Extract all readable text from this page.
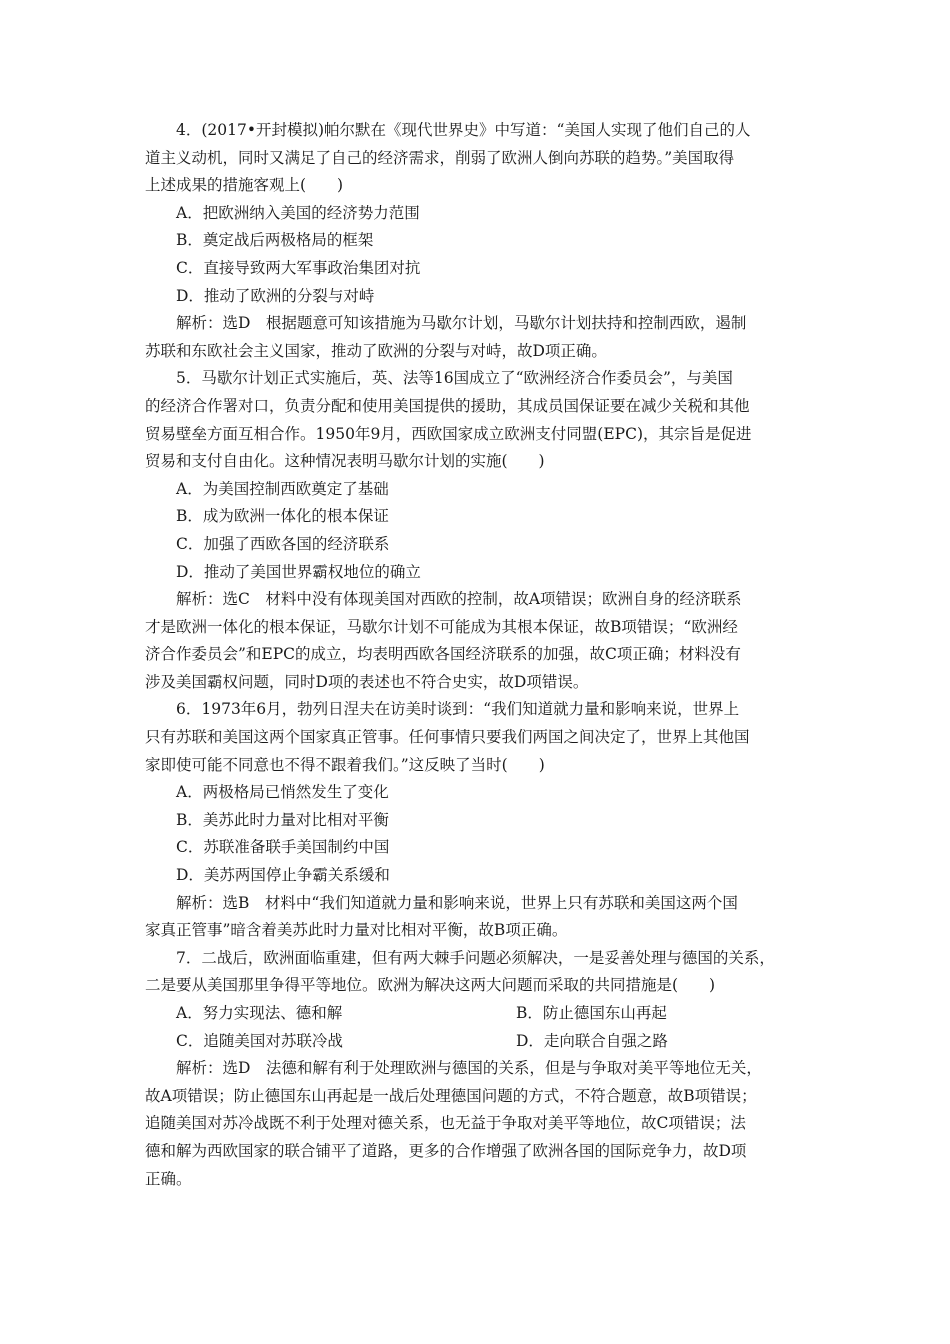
4．(2017•开封模拟)帕尔默在《现代世界史》中写道：“美国人实现了他们自己的人
道主义动机，同时又满足了自己的经济需求，削弱了欧洲人倒向苏联的趋势。”美国取得
上述成果的措施客观上(　　)
A．把欧洲纳入美国的经济势力范围
B．奠定战后两极格局的框架
C．直接导致两大军事政治集团对抗
D．推动了欧洲的分裂与对峙
解析：选D　根据题意可知该措施为马歇尔计划，马歇尔计划扶持和控制西欧，遏制
苏联和东欧社会主义国家，推动了欧洲的分裂与对峙，故D项正确。
5．马歇尔计划正式实施后，英、法等16国成立了“欧洲经济合作委员会”，与美国
的经济合作署对口，负责分配和使用美国提供的援助，其成员国保证要在减少关税和其他
贸易壁垒方面互相合作。1950年9月，西欧国家成立欧洲支付同盟(EPC)，其宗旨是促进
贸易和支付自由化。这种情况表明马歇尔计划的实施(　　)
A．为美国控制西欧奠定了基础
B．成为欧洲一体化的根本保证
C．加强了西欧各国的经济联系
D．推动了美国世界霸权地位的确立
解析：选C　材料中没有体现美国对西欧的控制，故A项错误；欧洲自身的经济联系
才是欧洲一体化的根本保证，马歇尔计划不可能成为其根本保证，故B项错误；“欧洲经
济合作委员会”和EPC的成立，均表明西欧各国经济联系的加强，故C项正确；材料没有
涉及美国霸权问题，同时D项的表述也不符合史实，故D项错误。
6．1973年6月，勃列日涅夫在访美时谈到：“我们知道就力量和影响来说，世界上
只有苏联和美国这两个国家真正管事。任何事情只要我们两国之间决定了，世界上其他国
家即使可能不同意也不得不跟着我们。”这反映了当时(　　)
A．两极格局已悄然发生了变化
B．美苏此时力量对比相对平衡
C．苏联准备联手美国制约中国
D．美苏两国停止争霸关系缓和
解析：选B　材料中“我们知道就力量和影响来说，世界上只有苏联和美国这两个国
家真正管事”暗含着美苏此时力量对比相对平衡，故B项正确。
7．二战后，欧洲面临重建，但有两大棘手问题必须解决，一是妥善处理与德国的关系，
二是要从美国那里争得平等地位。欧洲为解决这两大问题而采取的共同措施是(　　)
A．努力实现法、德和解	B．防止德国东山再起
C．追随美国对苏联冷战	D．走向联合自强之路
解析：选D　法德和解有利于处理欧洲与德国的关系，但是与争取对美平等地位无关，
故A项错误；防止德国东山再起是一战后处理德国问题的方式，不符合题意，故B项错误；
追随美国对苏冷战既不利于处理对德关系，也无益于争取对美平等地位，故C项错误；法
德和解为西欧国家的联合铺平了道路，更多的合作增强了欧洲各国的国际竞争力，故D项
正确。
